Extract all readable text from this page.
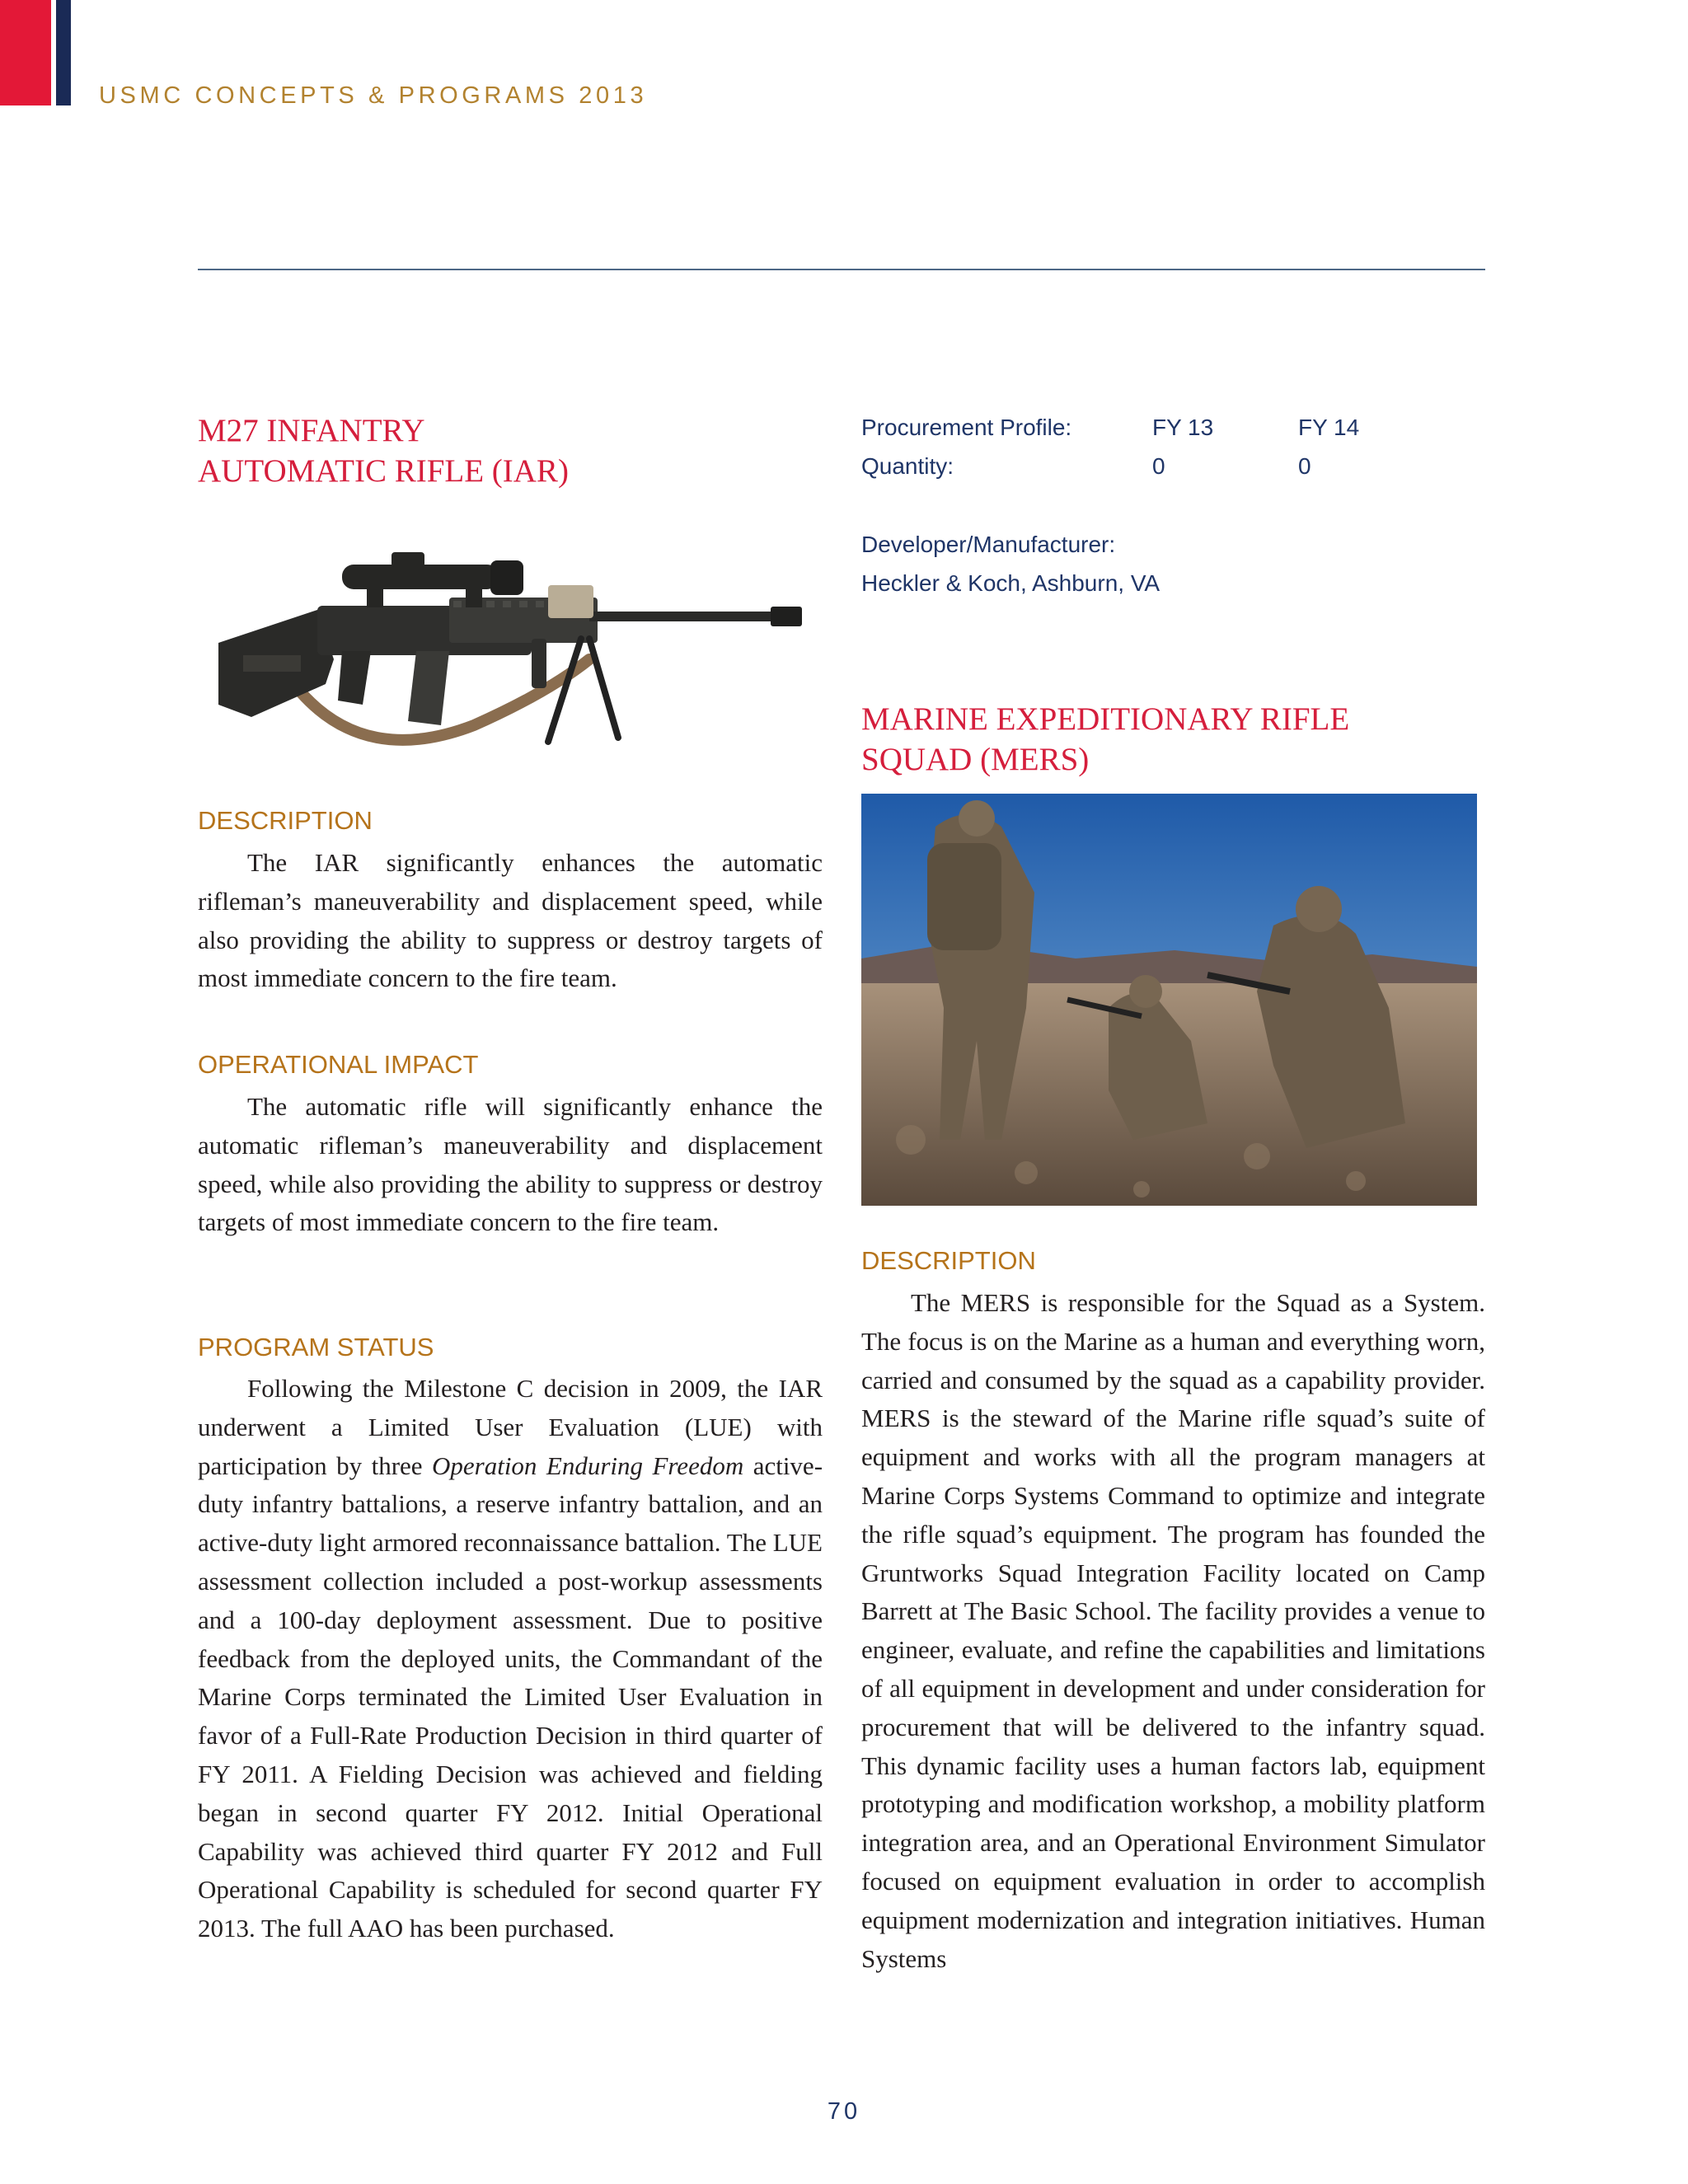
USMC CONCEPTS & PROGRAMS 2013
M27 INFANTRY
AUTOMATIC RIFLE (IAR)
DESCRIPTION
The IAR significantly enhances the automatic rifleman’s maneuverability and displacement speed, while also providing the ability to suppress or destroy targets of most immediate concern to the fire team.
OPERATIONAL IMPACT
The automatic rifle will significantly enhance the automatic rifleman’s maneuverability and displacement speed, while also providing the ability to suppress or destroy targets of most immediate concern to the fire team.
PROGRAM STATUS
Following the Milestone C decision in 2009, the IAR underwent a Limited User Evaluation (LUE) with participation by three Operation Enduring Freedom active-duty infantry battalions, a reserve infantry battalion, and an active-duty light armored reconnaissance battalion. The LUE assessment collection included a post-workup assessments and a 100-day deployment assessment. Due to positive feedback from the deployed units, the Commandant of the Marine Corps terminated the Limited User Evaluation in favor of a Full-Rate Production Decision in third quarter of FY 2011. A Fielding Decision was achieved and fielding began in second quarter FY 2012. Initial Operational Capability was achieved third quarter FY 2012 and Full Operational Capability is scheduled for second quarter FY 2013. The full AAO has been purchased.
Procurement Profile:	FY 13	FY 14
Quantity:	0	0
Developer/Manufacturer:
Heckler & Koch, Ashburn, VA
MARINE EXPEDITIONARY RIFLE
SQUAD (MERS)
DESCRIPTION
The MERS is responsible for the Squad as a System. The focus is on the Marine as a human and everything worn, carried and consumed by the squad as a capability provider. MERS is the steward of the Marine rifle squad’s suite of equipment and works with all the program managers at Marine Corps Systems Command to optimize and integrate the rifle squad’s equipment. The program has founded the Gruntworks Squad Integration Facility located on Camp Barrett at The Basic School. The facility provides a venue to engineer, evaluate, and refine the capabilities and limitations of all equipment in development and under consideration for procurement that will be delivered to the infantry squad. This dynamic facility uses a human factors lab, equipment prototyping and modification workshop, a mobility platform integration area, and an Operational Environment Simulator focused on equipment evaluation in order to accomplish equipment modernization and integration initiatives. Human Systems
70
